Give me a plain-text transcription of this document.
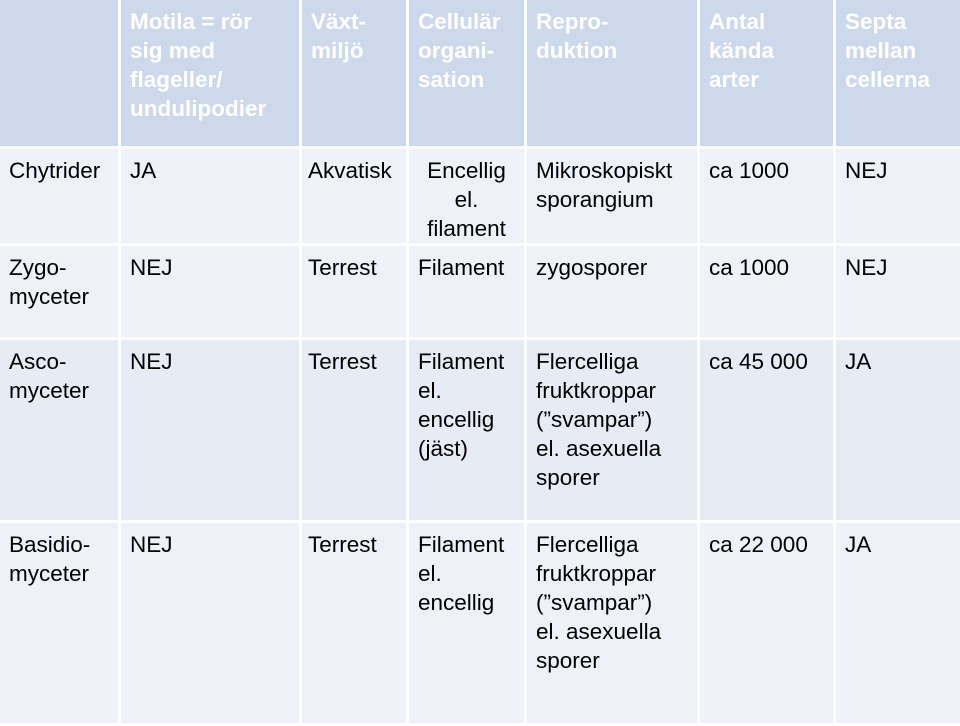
	Motila = rör
sig med
flageller/
undulipodier	Växt-
miljö	Cellulär
organi-
sation	Repro-
duktion	Antal
kända
arter	Septa
mellan
cellerna
Chytrider	JA	Akvatisk	Encellig
el.
filament	Mikroskopiskt
sporangium	ca 1000	NEJ
Zygo-
myceter	NEJ	Terrest	Filament	zygosporer	ca 1000	NEJ
Asco-
myceter	NEJ	Terrest	Filament
el.
encellig
(jäst)	Flercelliga
fruktkroppar
(”svampar”)
el. asexuella
sporer	ca 45 000	JA
Basidio-
myceter	NEJ	Terrest	Filament
el.
encellig	Flercelliga
fruktkroppar
(”svampar”)
el. asexuella
sporer	ca 22 000	JA
